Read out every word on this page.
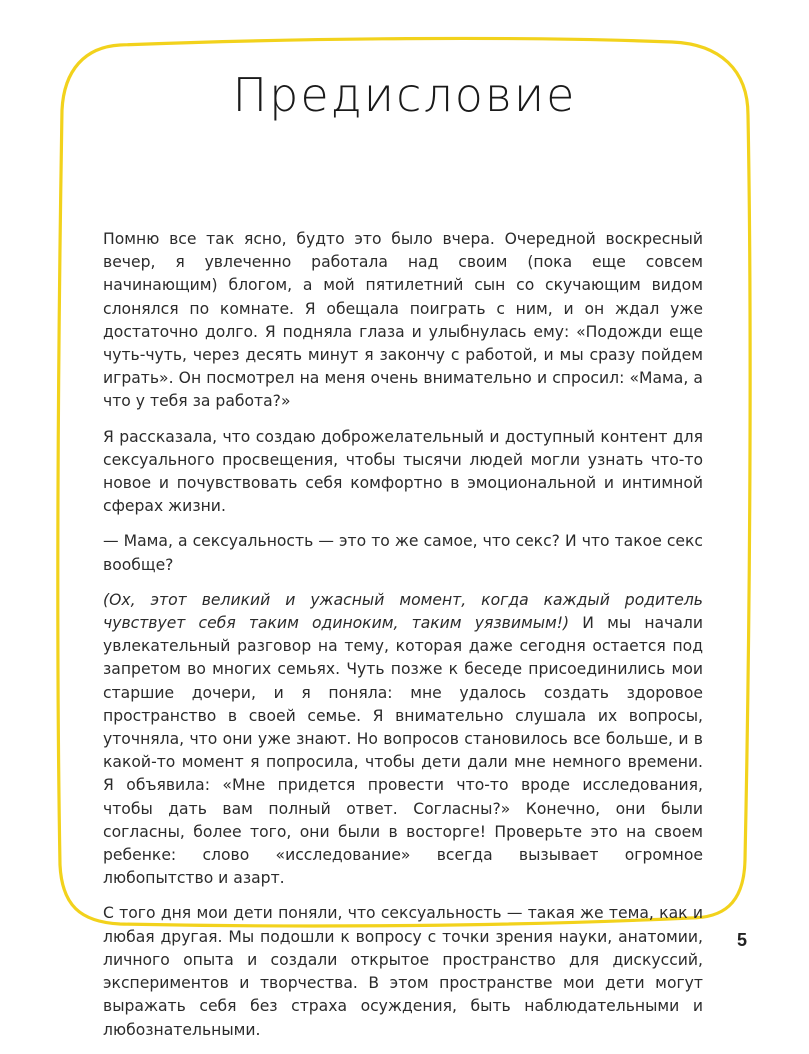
Предисловие

Помню все так ясно, будто это было вчера. Очередной воскресный вечер, я увлеченно работала над своим (пока еще совсем начинающим) блогом, а мой пятилетний сын со скучающим видом слонялся по комнате. Я обещала поиграть с ним, и он ждал уже достаточно долго. Я подняла глаза и улыбнулась ему: «Подожди еще чуть-чуть, через десять минут я закончу с работой, и мы сразу пойдем играть». Он посмотрел на меня очень внимательно и спросил: «Мама, а что у тебя за работа?»

Я рассказала, что создаю доброжелательный и доступный контент для сексуального просвещения, чтобы тысячи людей могли узнать что-то новое и почувствовать себя комфортно в эмоциональной и интимной сферах жизни.

— Мама, а сексуальность — это то же самое, что секс? И что такое секс вообще?

(Ох, этот великий и ужасный момент, когда каждый родитель чувствует себя таким одиноким, таким уязвимым!) И мы начали увлекательный разговор на тему, которая даже сегодня остается под запретом во многих семьях. Чуть позже к беседе присоединились мои старшие дочери, и я поняла: мне удалось создать здоровое пространство в своей семье. Я внимательно слушала их вопросы, уточняла, что они уже знают. Но вопросов становилось все больше, и в какой-то момент я попросила, чтобы дети дали мне немного времени. Я объявила: «Мне придется провести что-то вроде исследования, чтобы дать вам полный ответ. Согласны?» Конечно, они были согласны, более того, они были в восторге! Проверьте это на своем ребенке: слово «исследование» всегда вызывает огромное любопытство и азарт.

С того дня мои дети поняли, что сексуальность — такая же тема, как и любая другая. Мы подошли к вопросу с точки зрения науки, анатомии, личного опыта и создали открытое пространство для дискуссий, экспериментов и творчества. В этом пространстве мои дети могут выражать себя без страха осуждения, быть наблюдательными и любознательными.

5
